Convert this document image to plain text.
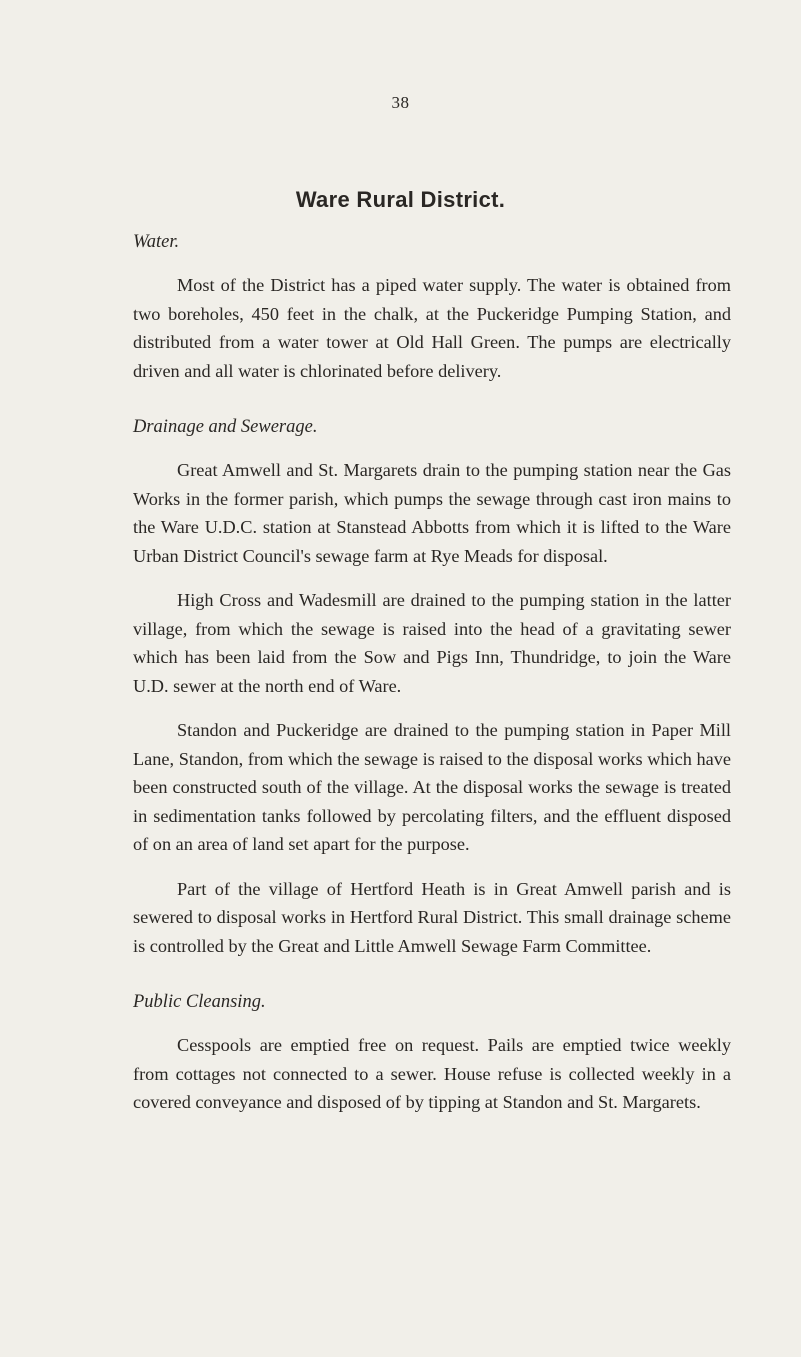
38
Ware Rural District.

Water.

Most of the District has a piped water supply. The water is obtained from two boreholes, 450 feet in the chalk, at the Puckeridge Pumping Station, and distributed from a water tower at Old Hall Green. The pumps are electrically driven and all water is chlorinated before delivery.

Drainage and Sewerage.

Great Amwell and St. Margarets drain to the pumping station near the Gas Works in the former parish, which pumps the sewage through cast iron mains to the Ware U.D.C. station at Stanstead Abbotts from which it is lifted to the Ware Urban District Council's sewage farm at Rye Meads for disposal.

High Cross and Wadesmill are drained to the pumping station in the latter village, from which the sewage is raised into the head of a gravitating sewer which has been laid from the Sow and Pigs Inn, Thundridge, to join the Ware U.D. sewer at the north end of Ware.

Standon and Puckeridge are drained to the pumping station in Paper Mill Lane, Standon, from which the sewage is raised to the disposal works which have been constructed south of the village. At the disposal works the sewage is treated in sedimentation tanks followed by percolating filters, and the effluent disposed of on an area of land set apart for the purpose.

Part of the village of Hertford Heath is in Great Amwell parish and is sewered to disposal works in Hertford Rural District. This small drainage scheme is controlled by the Great and Little Amwell Sewage Farm Committee.

Public Cleansing.

Cesspools are emptied free on request. Pails are emptied twice weekly from cottages not connected to a sewer. House refuse is collected weekly in a covered conveyance and disposed of by tipping at Standon and St. Margarets.
